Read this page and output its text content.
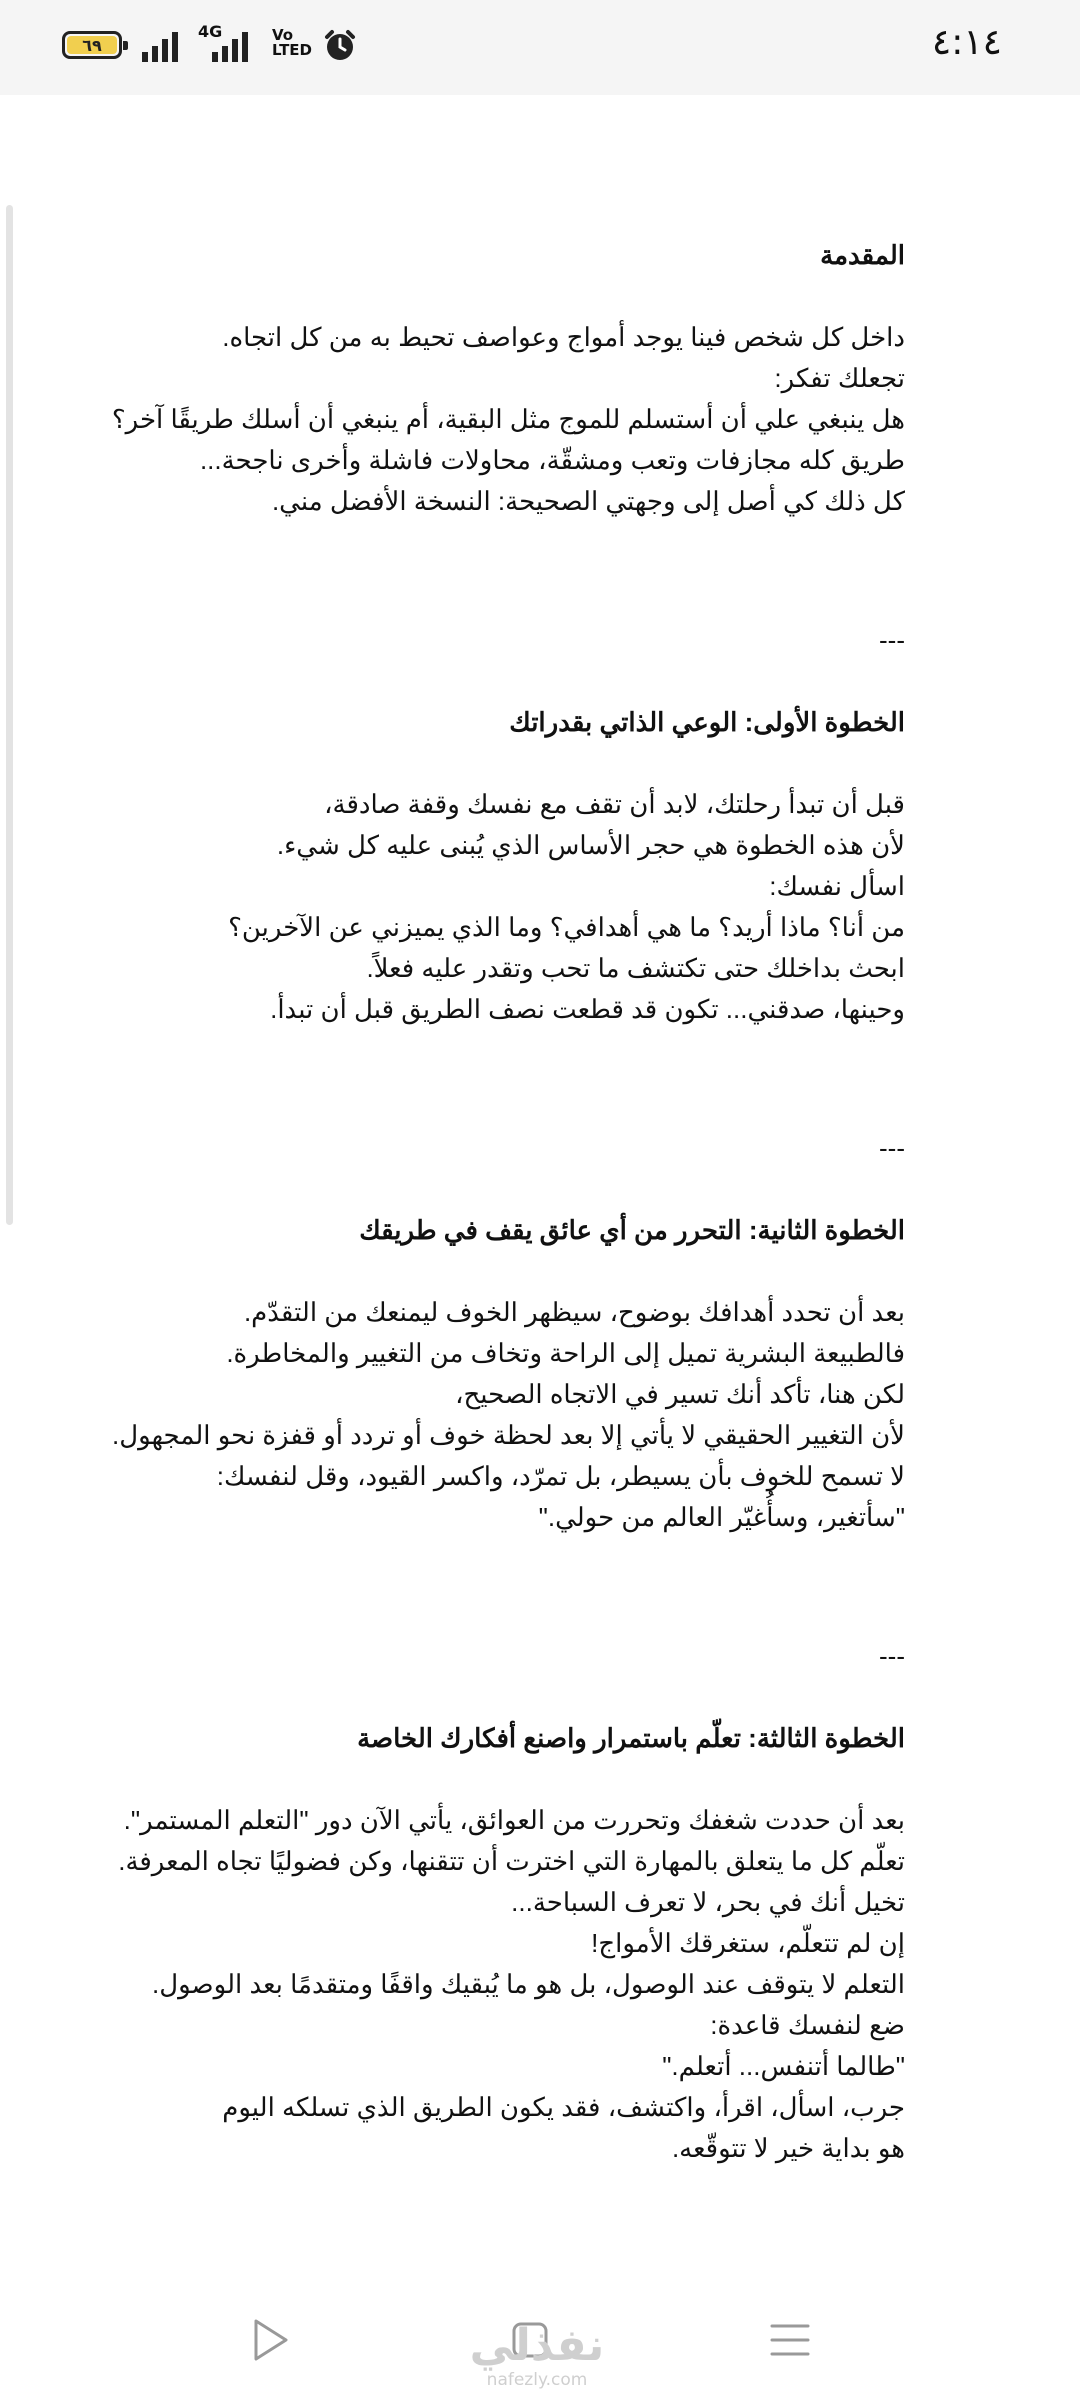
٦٩
4G	Vo
LTED	٤:١٤

المقدمة

داخل كل شخص فينا يوجد أمواج وعواصف تحيط به من كل اتجاه.
تجعلك تفكر:
هل ينبغي علي أن أستسلم للموج مثل البقية، أم ينبغي أن أسلك طريقًا آخر؟
طريق كله مجازفات وتعب ومشقّة، محاولات فاشلة وأخرى ناجحة...
كل ذلك كي أصل إلى وجهتي الصحيحة: النسخة الأفضل مني.

---

الخطوة الأولى: الوعي الذاتي بقدراتك

قبل أن تبدأ رحلتك، لابد أن تقف مع نفسك وقفة صادقة،
لأن هذه الخطوة هي حجر الأساس الذي يُبنى عليه كل شيء.
اسأل نفسك:
من أنا؟ ماذا أريد؟ ما هي أهدافي؟ وما الذي يميزني عن الآخرين؟
ابحث بداخلك حتى تكتشف ما تحب وتقدر عليه فعلاً.
وحينها، صدقني... تكون قد قطعت نصف الطريق قبل أن تبدأ.

---

الخطوة الثانية: التحرر من أي عائق يقف في طريقك

بعد أن تحدد أهدافك بوضوح، سيظهر الخوف ليمنعك من التقدّم.
فالطبيعة البشرية تميل إلى الراحة وتخاف من التغيير والمخاطرة.
لكن هنا، تأكد أنك تسير في الاتجاه الصحيح،
لأن التغيير الحقيقي لا يأتي إلا بعد لحظة خوف أو تردد أو قفزة نحو المجهول.
لا تسمح للخوف بأن يسيطر، بل تمرّد، واكسر القيود، وقل لنفسك:
"سأتغير، وسأُغيّر العالم من حولي."

---

الخطوة الثالثة: تعلّم باستمرار واصنع أفكارك الخاصة

بعد أن حددت شغفك وتحررت من العوائق، يأتي الآن دور "التعلم المستمر".
تعلّم كل ما يتعلق بالمهارة التي اخترت أن تتقنها، وكن فضوليًا تجاه المعرفة.
تخيل أنك في بحر، لا تعرف السباحة...
إن لم تتعلّم، ستغرقك الأمواج!
التعلم لا يتوقف عند الوصول، بل هو ما يُبقيك واقفًا ومتقدمًا بعد الوصول.
ضع لنفسك قاعدة:
"طالما أتنفس... أتعلم."
جرب، اسأل، اقرأ، واكتشف، فقد يكون الطريق الذي تسلكه اليوم
هو بداية خير لا تتوقّعه.
نفذلي
nafezly.com
